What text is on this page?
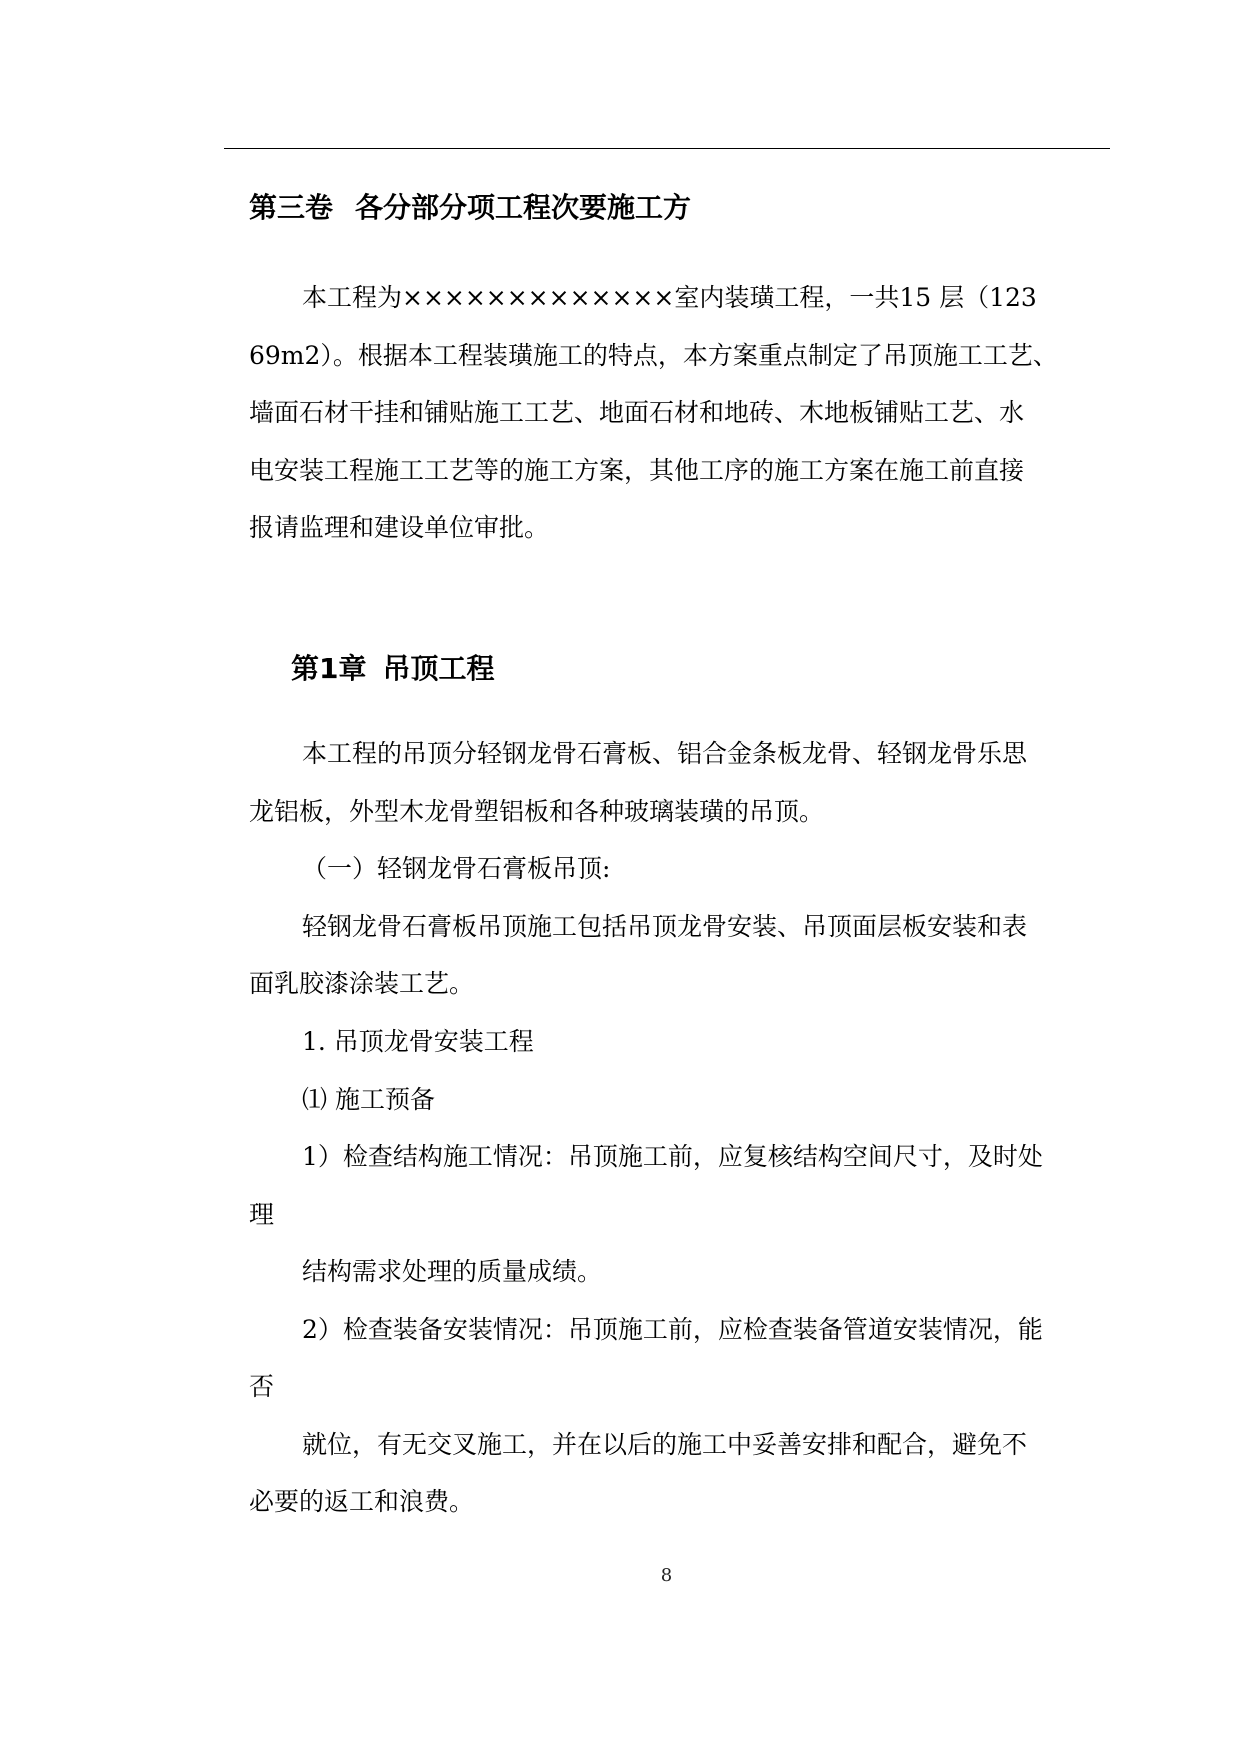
第三卷 各分部分项工程次要施工方
本工程为×××××××××××××室内装璜工程，一共15 层（123
69m2）。根据本工程装璜施工的特点，本方案重点制定了吊顶施工工艺、
墙面石材干挂和铺贴施工工艺、地面石材和地砖、木地板铺贴工艺、水
电安装工程施工工艺等的施工方案，其他工序的施工方案在施工前直接
报请监理和建设单位审批。
第1章 吊顶工程
本工程的吊顶分轻钢龙骨石膏板、铝合金条板龙骨、轻钢龙骨乐思
龙铝板，外型木龙骨塑铝板和各种玻璃装璜的吊顶。
（一）轻钢龙骨石膏板吊顶:
轻钢龙骨石膏板吊顶施工包括吊顶龙骨安装、吊顶面层板安装和表
面乳胶漆涂装工艺。
1. 吊顶龙骨安装工程
⑴ 施工预备
1）检查结构施工情况：吊顶施工前，应复核结构空间尺寸，及时处
理
结构需求处理的质量成绩。
2）检查装备安装情况：吊顶施工前，应检查装备管道安装情况，能
否
就位，有无交叉施工，并在以后的施工中妥善安排和配合，避免不
必要的返工和浪费。
8
